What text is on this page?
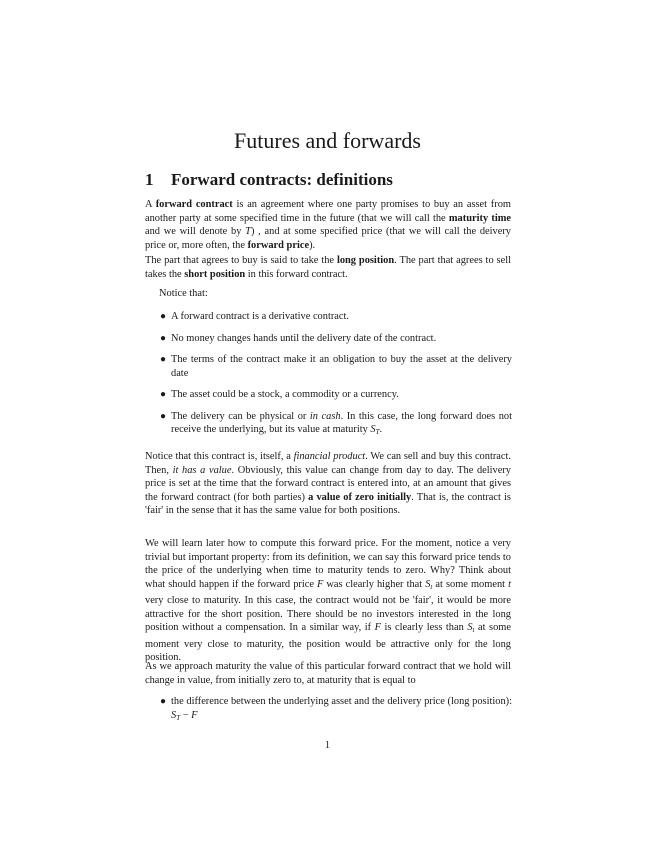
Futures and forwards
1 Forward contracts: definitions

A forward contract is an agreement where one party promises to buy an asset from another party at some specified time in the future (that we will call the maturity time and we will denote by T) , and at some specified price (that we will call the deivery price or, more often, the forward price).

The part that agrees to buy is said to take the long position. The part that agrees to sell takes the short position in this forward contract.

Notice that:

● A forward contract is a derivative contract.
● No money changes hands until the delivery date of the contract.
● The terms of the contract make it an obligation to buy the asset at the delivery date
● The asset could be a stock, a commodity or a currency.
● The delivery can be physical or in cash. In this case, the long forward does not receive the underlying, but its value at maturity $S_T$.

Notice that this contract is, itself, a financial product. We can sell and buy this contract. Then, it has a value. Obviously, this value can change from day to day. The delivery price is set at the time that the forward contract is entered into, at an amount that gives the forward contract (for both parties) a value of zero initially. That is, the contract is 'fair' in the sense that it has the same value for both positions.

We will learn later how to compute this forward price. For the moment, notice a very trivial but important property: from its definition, we can say this forward price tends to the price of the underlying when time to maturity tends to zero. Why? Think about what should happen if the forward price F was clearly higher that $S_t$ at some moment t very close to maturity. In this case, the contract would not be 'fair', it would be more attractive for the short position. There should be no investors interested in the long position without a compensation. In a similar way, if F is clearly less than $S_t$ at some moment very close to maturity, the position would be attractive only for the long position.

As we approach maturity the value of this particular forward contract that we hold will change in value, from initially zero to, at maturity that is equal to

● the difference between the underlying asset and the delivery price (long position): $S_T - F$
1
